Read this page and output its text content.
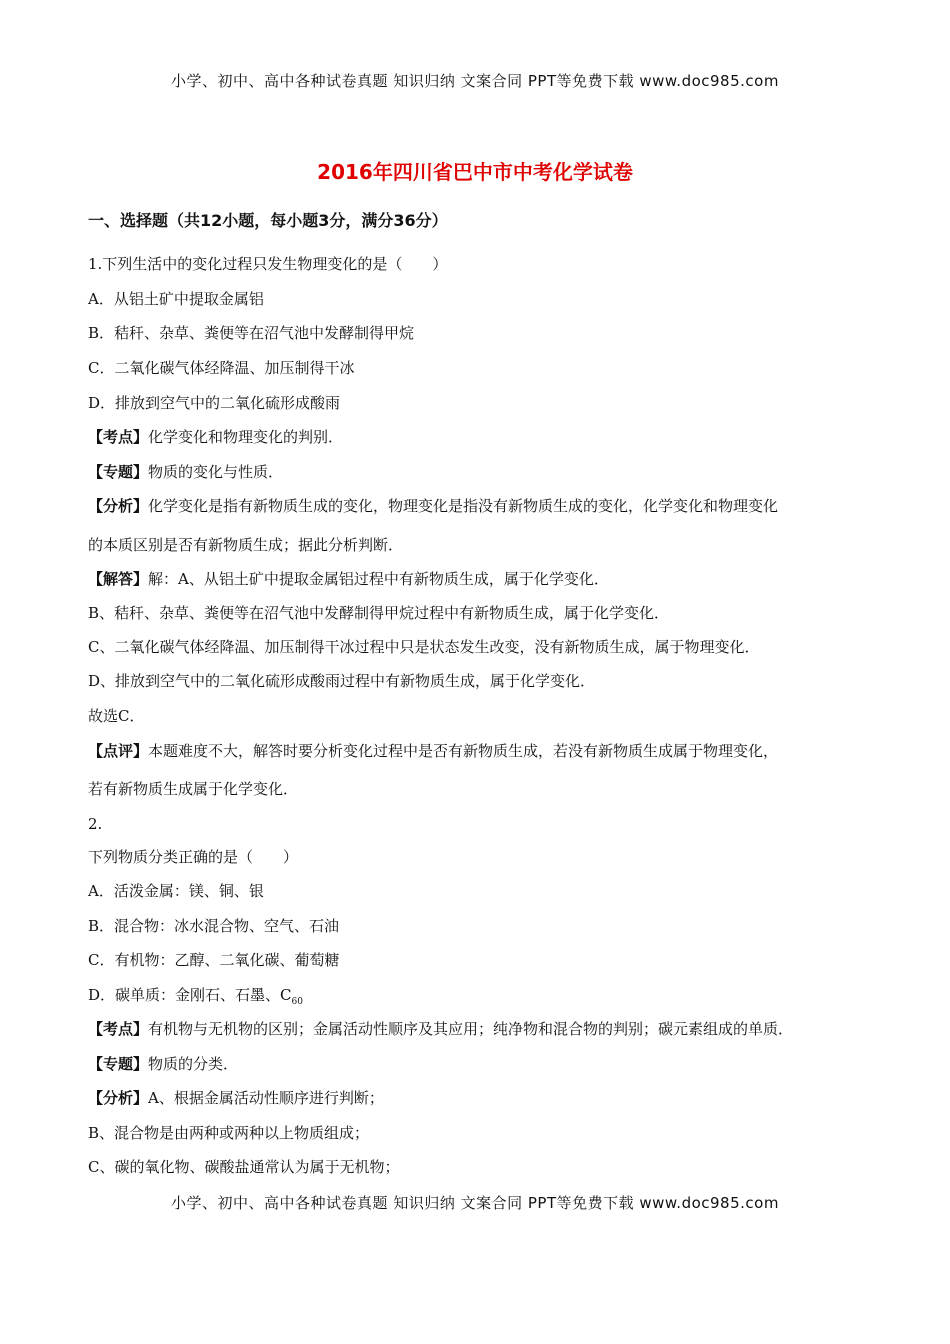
小学、初中、高中各种试卷真题 知识归纳 文案合同 PPT等免费下载 www.doc985.com
2016年四川省巴中市中考化学试卷
一、选择题（共12小题，每小题3分，满分36分）
1.下列生活中的变化过程只发生物理变化的是（　　）
A．从铝土矿中提取金属铝
B．秸秆、杂草、粪便等在沼气池中发酵制得甲烷
C．二氧化碳气体经降温、加压制得干冰
D．排放到空气中的二氧化硫形成酸雨
【考点】化学变化和物理变化的判别．
【专题】物质的变化与性质．
【分析】化学变化是指有新物质生成的变化，物理变化是指没有新物质生成的变化，化学变化和物理变化
的本质区别是否有新物质生成；据此分析判断．
【解答】解：A、从铝土矿中提取金属铝过程中有新物质生成，属于化学变化．
B、秸秆、杂草、粪便等在沼气池中发酵制得甲烷过程中有新物质生成，属于化学变化．
C、二氧化碳气体经降温、加压制得干冰过程中只是状态发生改变，没有新物质生成，属于物理变化．
D、排放到空气中的二氧化硫形成酸雨过程中有新物质生成，属于化学变化．
故选C．
【点评】本题难度不大，解答时要分析变化过程中是否有新物质生成，若没有新物质生成属于物理变化，
若有新物质生成属于化学变化．
2.
下列物质分类正确的是（　　）
A．活泼金属：镁、铜、银
B．混合物：冰水混合物、空气、石油
C．有机物：乙醇、二氧化碳、葡萄糖
D．碳单质：金刚石、石墨、$C_{60}$
【考点】有机物与无机物的区别；金属活动性顺序及其应用；纯净物和混合物的判别；碳元素组成的单质．
【专题】物质的分类．
【分析】A、根据金属活动性顺序进行判断；
B、混合物是由两种或两种以上物质组成；
C、碳的氧化物、碳酸盐通常认为属于无机物；
小学、初中、高中各种试卷真题 知识归纳 文案合同 PPT等免费下载 www.doc985.com
